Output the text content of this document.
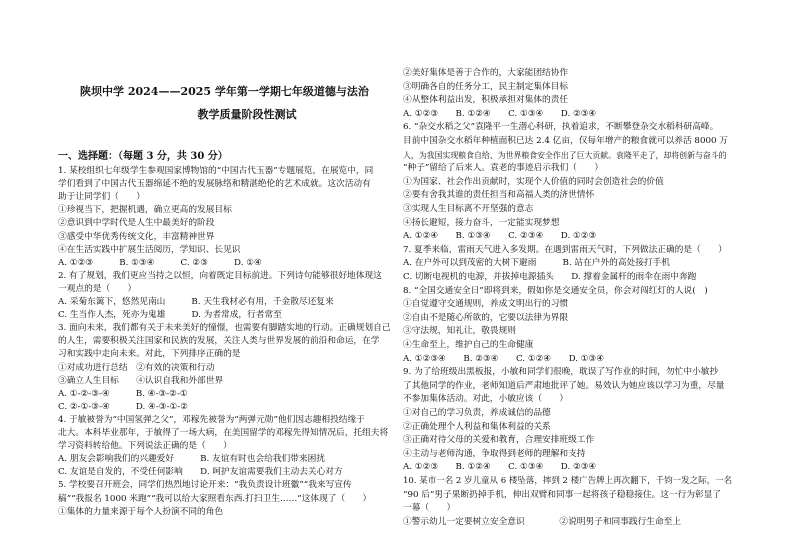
陕坝中学 2024——2025 学年第一学期七年级道德与法治
教学质量阶段性测试
一、选择题：（每题 3 分，共 30 分）
1. 某校组织七年级学生参观国家博物馆的“中国古代玉器”专题展览，在展览中，同
学们看到了中国古代玉器绵延不绝的发展脉络和精湛绝伦的艺术成就。这次活动有
助于让同学们（　　）
①珍视当下，把握机遇，确立更高的发展目标
②意识到中学时代是人生中最美好的阶段
③感受中华优秀传统文化，丰富精神世界
④在生活实践中扩展生活阅历，学知识、长见识
A. ①②③　　　B. ①③④　　　C. ②③　　　D. ①④
2. 有了规划，我们更应当持之以恒，向着既定目标前进。下列诗句能够很好地体现这
一观点的是（　　）
A. 采菊东篱下，悠然见南山　　　B. 天生我材必有用，千金散尽还复来
C. 生当作人杰，死亦为鬼雄　　　D. 为者常成，行者常至
3. 面向未来，我们都有关于未来美好的憧憬，也需要有脚踏实地的行动。正确规划自己
的人生，需要积极关注国家和民族的发展，关注人类与世界发展的前沿和命运，在学
习和实践中走向未来。对此，下列排序正确的是
①对成功进行总结　②有效的决策和行动
③确立人生目标　　④认识自我和外部世界
A. ①-②-③-④　　　B. ④-③-②-①
C. ②-①-③-④　　　D. ④-③-①-②
4. 于敏被誉为“中国氢弹之父”，邓稼先被誉为“两弹元勋”他们因志趣相投结缘于
北大。本科毕业那年，于敏得了一场大病，在美国留学的邓稼先得知情况后，托组夫将
学习资料转给他。下列说法正确的是（　　）
A. 朋友会影响我们的兴趣爱好　　　B. 友谊有时也会给我们带来困扰
C. 友谊是自发的，不受任何影响　　D. 呵护友谊需要我们主动去关心对方
5. 学校要召开班会，同学们热烈地讨论开来：“我负责设计班徽”“我来写宣传
稿”“我报名 1000 米跑”“我可以给大家照看东西.打扫卫生……”这体现了（　　）
①集体的力量来源于每个人扮演不同的角色
②美好集体是善于合作的，大家能团结协作
③明确各自的任务分工，民主制定集体目标
④从整体利益出发，积极承担对集体的责任
A. ①②③　　B. ①②④　　C. ①③④　　D. ②③④
6. “杂交水稻之父”袁隆平一生潜心科研，执着追求，不断攀登杂交水稻科研高峰。
目前中国杂交水稻年种植面积已达 2.4 亿亩，仅每年增产的粮食就可以养活 8000 万
人，为我国实现粮食自给、为世界粮食安全作出了巨大贡献。袁隆平走了，却将创新与奋斗的
“种子”留给了后来人。袁老的事迹启示我们（　　）
①为国家、社会作出贡献时，实现个人价值的同时会创造社会的价值
②要有舍我其谁的责任担当和高福人类的济世情怀
③实现人生目标离不开坚强的意志
④扬长避短，接力奋斗，一定能实现梦想
A. ①②④　　B. ①③④　　C. ②③④　　D. ①②③
7. 夏季来临，雷雨天气进入多发期。在遇到雷雨天气时，下列做法正确的是（　　）
A. 在户外可以到茂密的大树下避雨　　　B. 站在户外的高处接打手机
C. 切断电视机的电源，并拔掉电源插头　　D. 撑着金属杆的雨伞在雨中奔跑
8. “全国交通安全日”即将到来，假如你是交通安全员，你会对闯红灯的人说(　)
①自觉遵守交通规则，养成文明出行的习惯
②自由不是随心所欲的，它要以法律为界限
③守法规，知礼让，敬畏规则
④生命至上，维护自己的生命健康
A. ①②③④　　B. ②③④　　C. ①②④　　D. ①③④
9. 为了给班级出黑板报，小敏和同学们很晚，耽误了写作业的时间，勿忙中小敏抄
了其他同学的作业，老师知道后严肃地批评了她。易效认为她应该以学习为重，尽量
不参加集体活动。对此，小敏应该（　　）
①对自己的学习负责，养成诚信的品德
②正确处理个人利益和集体利益的关系
③正确对待父母的关爱和教育，合理安排班级工作
④主动与老师沟通，争取得到老师的理解和支持
A. ①②③　　B. ①②④　　C. ①③④　　D. ②③④
10. 某市一名 2 岁儿童从 6 楼坠落，摔到 2 楼广告牌上再次翻下，千钧一发之际，一名
“90 后”男子果断扔掉手机，伸出双臂和同事一起将孩子稳稳接住。这一行为彰显了
一幕（　　）
①警示幼儿一定要树立安全意识　　　　②说明男子和同事践行生命至上
